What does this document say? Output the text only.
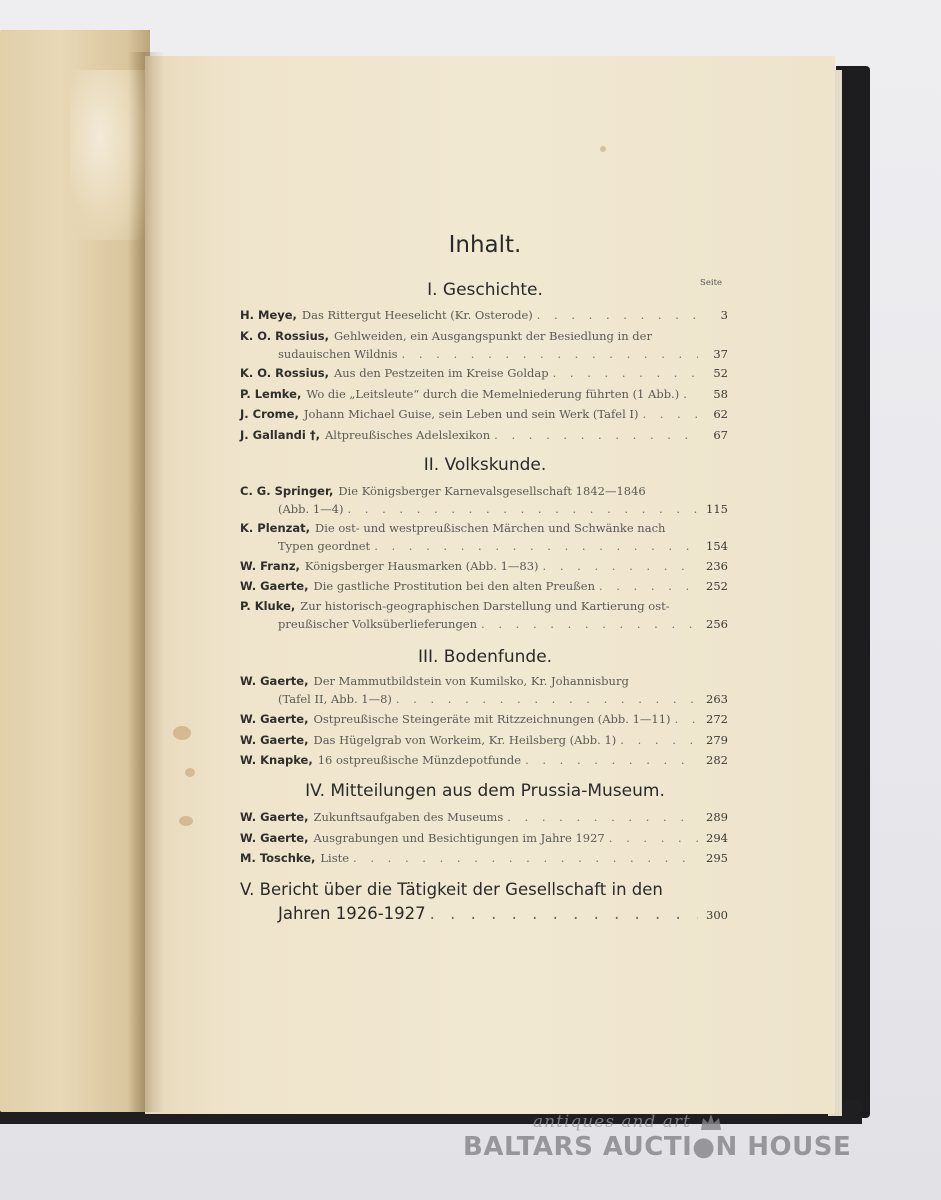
Inhalt.
Seite
I. Geschichte.
II. Volkskunde.
III. Bodenfunde.
IV. Mitteilungen aus dem Prussia-Museum.
H. Meye, Das Rittergut Heeselicht (Kr. Osterode) . . .	3
K. O. Rossius, Gehlweiden, ein Ausgangspunkt der Besiedlung in der
sudauischen Wildnis . . .	37
K. O. Rossius, Aus den Pestzeiten im Kreise Goldap . . .	52
P. Lemke, Wo die „Leitsleute“ durch die Memelniederung führten (1 Abb.) . . .	58
J. Crome, Johann Michael Guise, sein Leben und sein Werk (Tafel I) . . .	62
J. Gallandi †, Altpreußisches Adelslexikon . . .	67
C. G. Springer, Die Königsberger Karnevalsgesellschaft 1842—1846
(Abb. 1—4) . . .	115
K. Plenzat, Die ost- und westpreußischen Märchen und Schwänke nach
Typen geordnet . . .	154
W. Franz, Königsberger Hausmarken (Abb. 1—83) . . .	236
W. Gaerte, Die gastliche Prostitution bei den alten Preußen . . .	252
P. Kluke, Zur historisch-geographischen Darstellung und Kartierung ost-
preußischer Volksüberlieferungen . . .	256
W. Gaerte, Der Mammutbildstein von Kumilsko, Kr. Johannisburg
(Tafel II, Abb. 1—8) . . .	263
W. Gaerte, Ostpreußische Steingeräte mit Ritzzeichnungen (Abb. 1—11) . . .	272
W. Gaerte, Das Hügelgrab von Workeim, Kr. Heilsberg (Abb. 1) . . .	279
W. Knapke, 16 ostpreußische Münzdepotfunde . . .	282
W. Gaerte, Zukunftsaufgaben des Museums . . .	289
W. Gaerte, Ausgrabungen und Besichtigungen im Jahre 1927 . . .	294
M. Toschke, Liste . . .	295
V. Bericht über die Tätigkeit der Gesellschaft in den
Jahren 1926-1927 . . .	300
antiques and art
BALTARS AUCTI●N HOUSE
